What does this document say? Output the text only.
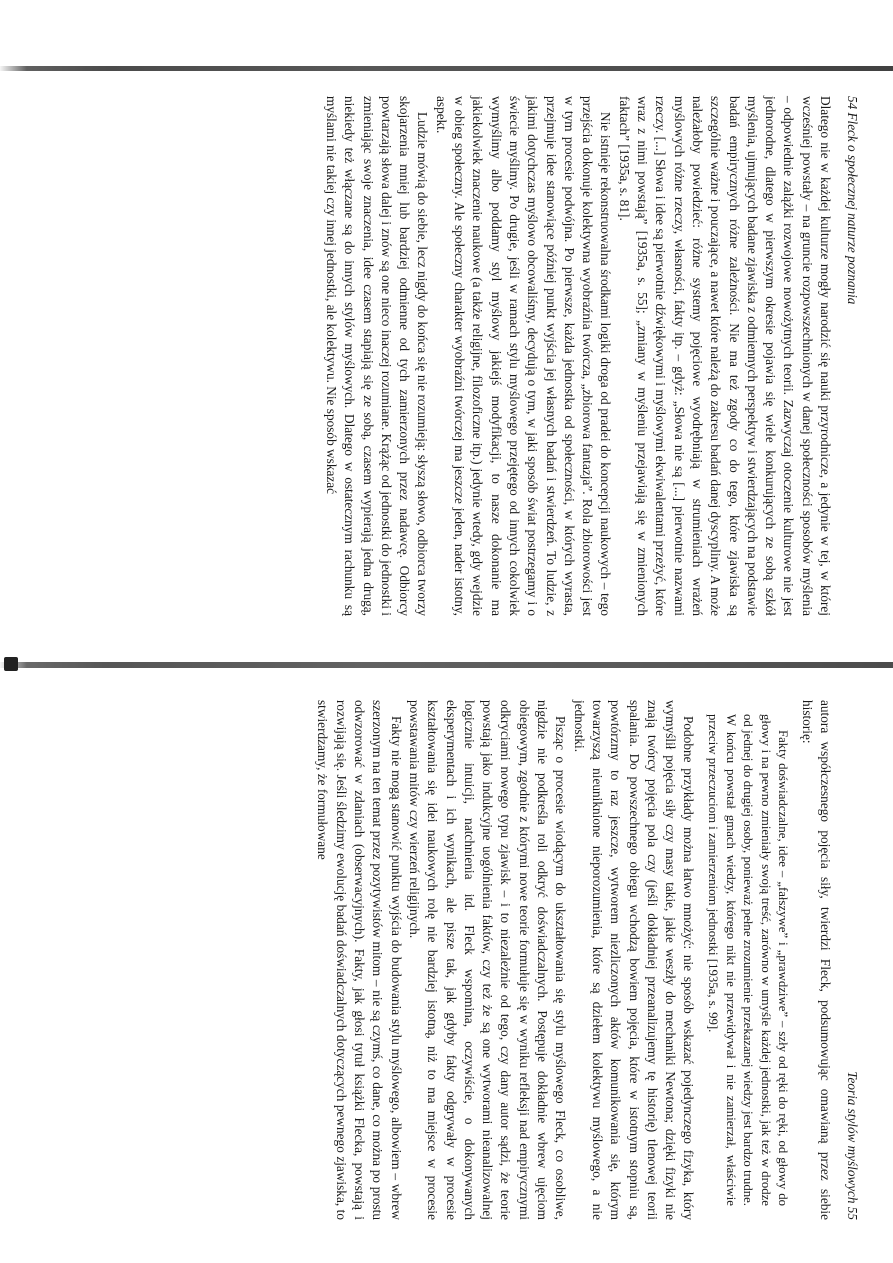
54 Fleck o społecznej naturze poznania

Dlatego nie w każdej kulturze mogły narodzić się nauki przyrodnicze, a jedynie w tej, w której wcześniej powstały – na gruncie rozpowszechnionych w danej społeczności sposobów myślenia – odpowiednie zalążki rozwojowe nowożytnych teorii. Zazwyczaj otoczenie kulturowe nie jest jednorodne, dlatego w pierwszym okresie pojawia się wiele konkurujących ze sobą szkół myślenia, ujmujących badane zjawiska z odmiennych perspektyw i stwierdzających na podstawie badań empirycznych różne zależności. Nie ma też zgody co do tego, które zjawiska są szczególnie ważne i pouczające, a nawet które należą do zakresu badań danej dyscypliny. A może należałoby powiedzieć: różne systemy pojęciowe wyodrębniają w strumieniach wrażeń myślowych różne rzeczy, własności, fakty itp. – gdyż: „Słowa nie są [...] pierwotnie nazwami rzeczy. [...] Słowa i idee są pierwotnie dźwiękowymi i myślowymi ekwiwalentami przeżyć, które wraz z nimi powstają” [1935a, s. 55]; „zmiany w myśleniu przejawiają się w zmienionych faktach” [1935a, s. 81].

Nie istnieje rekonstruowalna środkami logiki droga od pradei do koncepcji naukowych – tego przejścia dokonuje kolektywna wyobraźnia twórcza, „zbiorowa fantazja”. Rola zbiorowości jest w tym procesie podwójna. Po pierwsze, każda jednostka od społeczności, w których wyrasta, przejmuje idee stanowiące później punkt wyjścia jej własnych badań i stwierdzeń. To ludzie, z jakimi dotychczas myślowo obcowaliśmy, decydują o tym, w jaki sposób świat postrzegamy i o świecie myślimy. Po drugie, jeśli w ramach stylu myślowego przejętego od innych cokolwiek wymyślimy albo poddamy styl myślowy jakiejś modyfikacji, to nasze dokonanie ma jakiekolwiek znaczenie naukowe (a także religijne, filozoficzne itp.) jedynie wtedy, gdy wejdzie w obieg społeczny. Ale społeczny charakter wyobraźni twórczej ma jeszcze jeden, nader istotny, aspekt.

Ludzie mówią do siebie, lecz nigdy do końca się nie rozumieją: słyszą słowo, odbiorca tworzy skojarzenia mniej lub bardziej odmienne od tych zamierzonych przez nadawcę. Odbiorcy powtarzają słowa dalej i znów są one nieco inaczej rozumiane. Krążąc od jednostki do jednostki i zmieniając swoje znaczenia, idee czasem stapiają się ze sobą, czasem wypierają jedna drugą, niekiedy też włączane są do innych stylów myślowych. Dlatego w ostatecznym rachunku są myślami nie takiej czy innej jednostki, ale kolektywu. Nie sposób wskazać

Teoria stylów myślowych 55

autora współczesnego pojęcia siły, twierdzi Fleck, podsumowując omawianą przez siebie historię:

Fakty doświadczalne, idee – „fałszywe” i „prawdziwe” – szły od ręki do ręki, od głowy do głowy i na pewno zmieniały swoją treść, zarówno w umyśle każdej jednostki, jak też w drodze od jednej do drugiej osoby, ponieważ pełne zrozumienie przekazanej wiedzy jest bardzo trudne. W końcu powstał gmach wiedzy, którego nikt nie przewidywał i nie zamierzał, właściwie przeciw przeczuciom i zamierzeniom jednostki [1935a, s. 99].

Podobne przykłady można łatwo mnożyć: nie sposób wskazać pojedynczego fizyka, który wymyślił pojęcia siły czy masy takie, jakie weszły do mechaniki Newtona; dzięki fizyki nie znają twórcy pojęcia pola czy (jeśli dokładniej przeanalizujemy tę historię) tlenowej teorii spalania. Do powszechnego obiegu wchodzą bowiem pojęcia, które w istotnym stopniu są, powtórzmy to raz jeszcze, wytworem niezliczonych aktów komunikowania się, którym towarzyszą nieuniknione nieporozumienia, które są dziełem kolektywu myślowego, a nie jednostki.

Pisząc o procesie wiodącym do ukształtowania się stylu myślowego Fleck, co osobliwe, nigdzie nie podkreśla roli odkryć doświadczalnych. Postępuje dokładnie wbrew ujęciom obiegowym, zgodnie z którymi nowe teorie formułuje się w wyniku refleksji nad empirycznymi odkryciami nowego typu zjawisk – i to niezależnie od tego, czy dany autor sądzi, że teorie powstają jako indukcyjne uogólnienia faktów, czy też że są one wytworami nieanalizowalnej logicznie intuicji, natchnienia itd. Fleck wspomina, oczywiście, o dokonywanych eksperymentach i ich wynikach, ale pisze tak, jak gdyby fakty odgrywały w procesie kształtowania się idei naukowych rolę nie bardziej istotną, niż to ma miejsce w procesie powstawania mitów czy wierzeń religijnych.

Fakty nie mogą stanowić punktu wyjścia do budowania stylu myślowego, albowiem – wbrew szerzonym na ten temat przez pozytywistów mitom – nie są czymś, co dane, co można po prostu odwzorować w zdaniach (obserwacyjnych). Fakty, jak głosi tytuł książki Flecka, powstają i rozwijają się. Jeśli śledzimy ewolucję badań doświadczalnych dotyczących pewnego zjawiska, to stwierdzamy, że formułowane
